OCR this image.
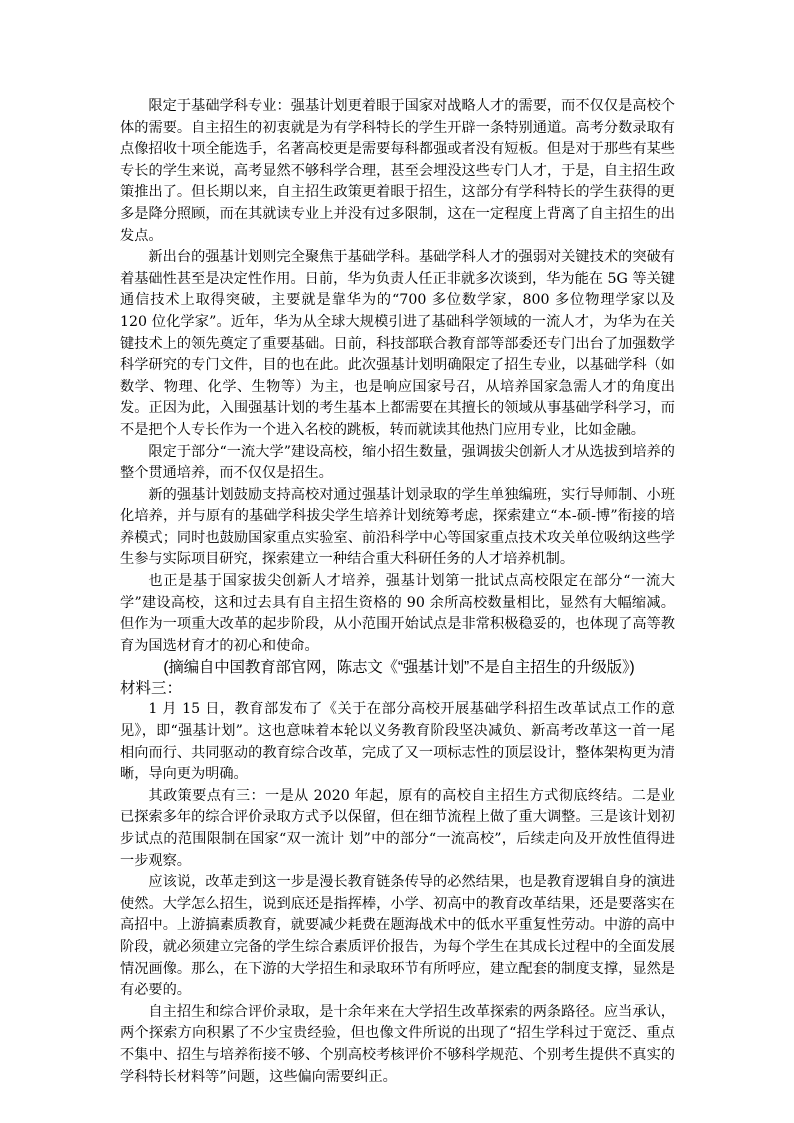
限定于基础学科专业：强基计划更着眼于国家对战略人才的需要，而不仅仅是高校个体的需要。自主招生的初衷就是为有学科特长的学生开辟一条特别通道。高考分数录取有点像招收十项全能选手，名著高校更是需要每科都强或者没有短板。但是对于那些有某些专长的学生来说，高考显然不够科学合理，甚至会埋没这些专门人才，于是，自主招生政策推出了。但长期以来，自主招生政策更着眼于招生，这部分有学科特长的学生获得的更多是降分照顾，而在其就读专业上并没有过多限制，这在一定程度上背离了自主招生的出发点。

新出台的强基计划则完全聚焦于基础学科。基础学科人才的强弱对关键技术的突破有着基础性甚至是决定性作用。日前，华为负责人任正非就多次谈到，华为能在 5G 等关键通信技术上取得突破，主要就是靠华为的“700 多位数学家，800 多位物理学家以及 120 位化学家”。近年，华为从全球大规模引进了基础科学领域的一流人才，为华为在关键技术上的领先奠定了重要基础。日前，科技部联合教育部等部委还专门出台了加强数学科学研究的专门文件，目的也在此。此次强基计划明确限定了招生专业，以基础学科（如数学、物理、化学、生物等）为主，也是响应国家号召，从培养国家急需人才的角度出发。正因为此，入围强基计划的考生基本上都需要在其擅长的领域从事基础学科学习，而不是把个人专长作为一个进入名校的跳板，转而就读其他热门应用专业，比如金融。

限定于部分“一流大学”建设高校，缩小招生数量，强调拔尖创新人才从选拔到培养的整个贯通培养，而不仅仅是招生。

新的强基计划鼓励支持高校对通过强基计划录取的学生单独编班，实行导师制、小班化培养，并与原有的基础学科拔尖学生培养计划统筹考虑，探索建立“本-硕-博”衔接的培养模式；同时也鼓励国家重点实验室、前沿科学中心等国家重点技术攻关单位吸纳这些学生参与实际项目研究，探索建立一种结合重大科研任务的人才培养机制。

也正是基于国家拔尖创新人才培养，强基计划第一批试点高校限定在部分“一流大学”建设高校，这和过去具有自主招生资格的 90 余所高校数量相比，显然有大幅缩减。但作为一项重大改革的起步阶段，从小范围开始试点是非常积极稳妥的，也体现了高等教育为国选材育才的初心和使命。

(摘编自中国教育部官网，陈志文《“强基计划”不是自主招生的升级版》)

材料三：

1 月 15 日，教育部发布了《关于在部分高校开展基础学科招生改革试点工作的意见》，即“强基计划”。这也意味着本轮以义务教育阶段坚决减负、新高考改革这一首一尾相向而行、共同驱动的教育综合改革，完成了又一项标志性的顶层设计，整体架构更为清晰，导向更为明确。

其政策要点有三：一是从 2020 年起，原有的高校自主招生方式彻底终结。二是业已探索多年的综合评价录取方式予以保留，但在细节流程上做了重大调整。三是该计划初步试点的范围限制在国家“双一流计 划”中的部分“一流高校”，后续走向及开放性值得进一步观察。

应该说，改革走到这一步是漫长教育链条传导的必然结果，也是教育逻辑自身的演进使然。大学怎么招生，说到底还是指挥棒，小学、初高中的教育改革结果，还是要落实在高招中。上游搞素质教育，就要减少耗费在题海战术中的低水平重复性劳动。中游的高中阶段，就必须建立完备的学生综合素质评价报告，为每个学生在其成长过程中的全面发展情况画像。那么，在下游的大学招生和录取环节有所呼应，建立配套的制度支撑，显然是有必要的。

自主招生和综合评价录取，是十余年来在大学招生改革探索的两条路径。应当承认，两个探索方向积累了不少宝贵经验，但也像文件所说的出现了“招生学科过于宽泛、重点不集中、招生与培养衔接不够、个别高校考核评价不够科学规范、个别考生提供不真实的学科特长材料等”问题，这些偏向需要纠正。
